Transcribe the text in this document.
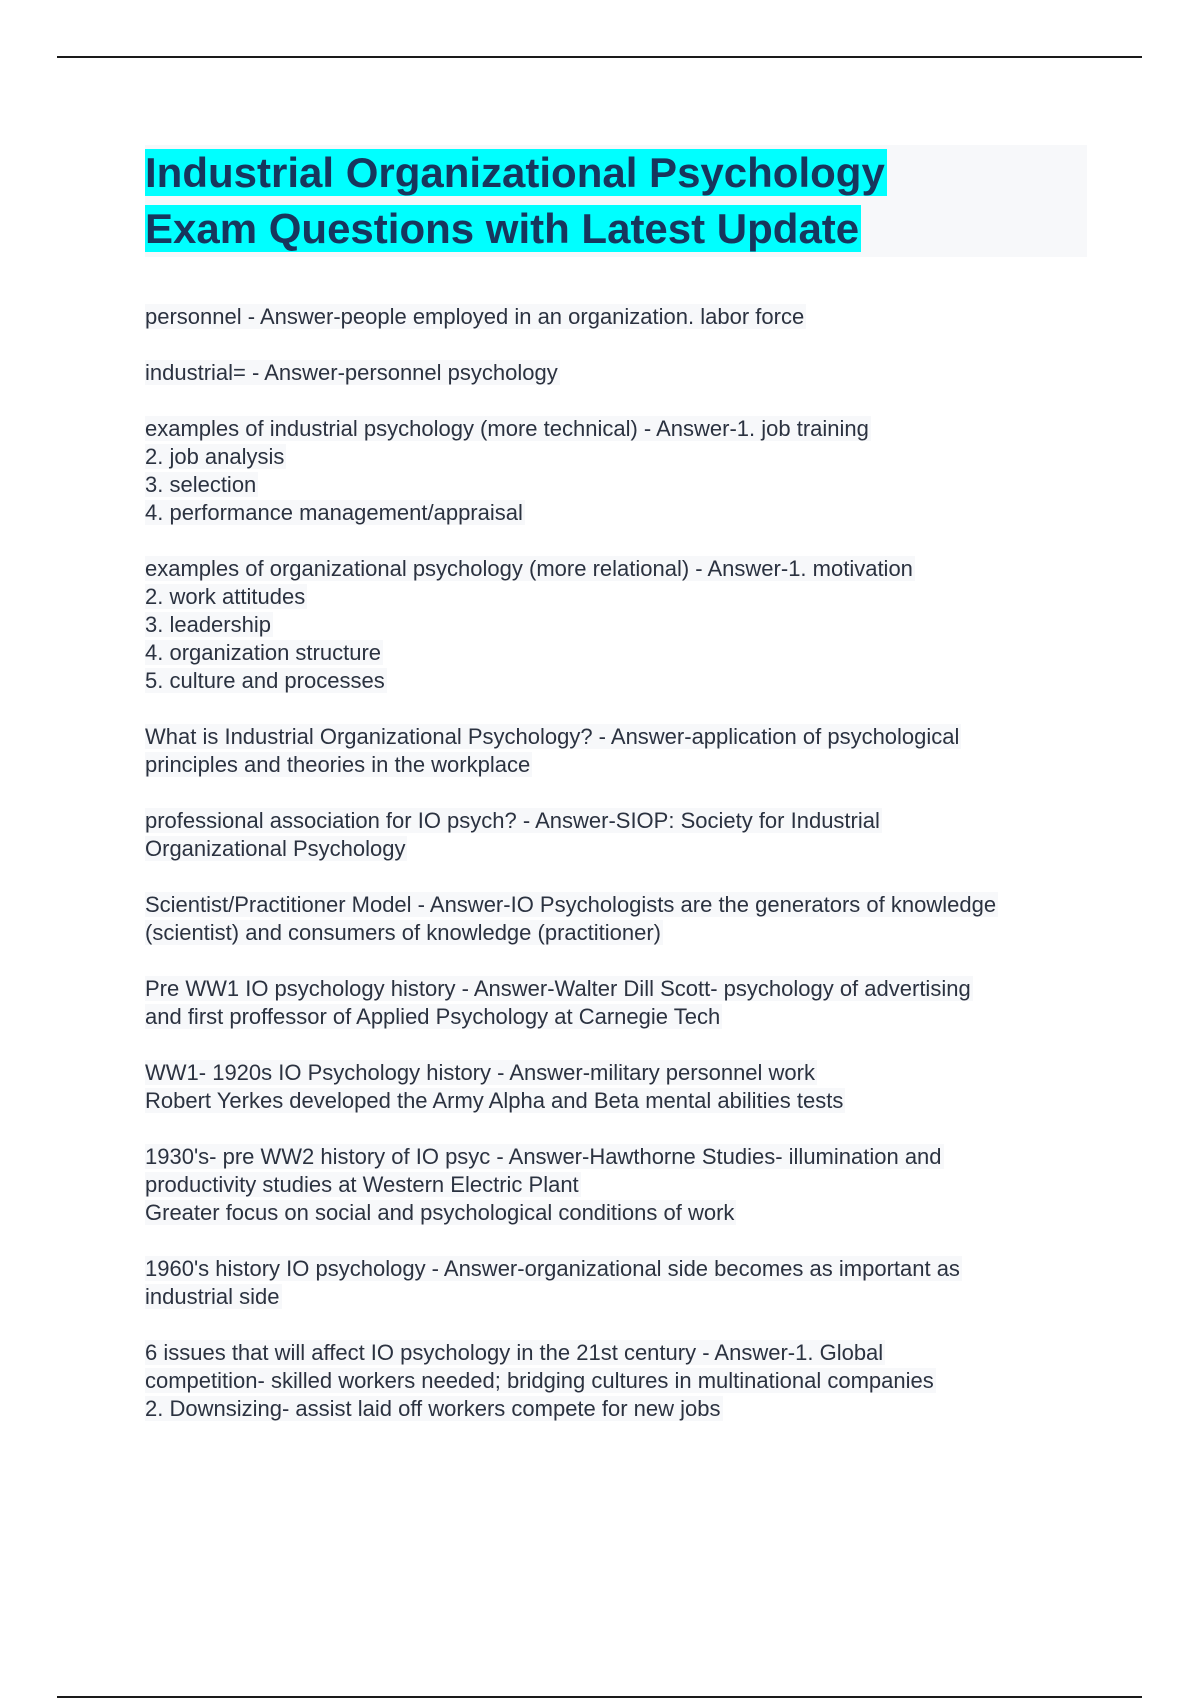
Industrial Organizational Psychology
Exam Questions with Latest Update
personnel - Answer-people employed in an organization. labor force
industrial= - Answer-personnel psychology
examples of industrial psychology (more technical) - Answer-1. job training
2. job analysis
3. selection
4. performance management/appraisal
examples of organizational psychology (more relational) - Answer-1. motivation
2. work attitudes
3. leadership
4. organization structure
5. culture and processes
What is Industrial Organizational Psychology? - Answer-application of psychological
principles and theories in the workplace
professional association for IO psych? - Answer-SIOP: Society for Industrial
Organizational Psychology
Scientist/Practitioner Model - Answer-IO Psychologists are the generators of knowledge
(scientist) and consumers of knowledge (practitioner)
Pre WW1 IO psychology history - Answer-Walter Dill Scott- psychology of advertising
and first proffessor of Applied Psychology at Carnegie Tech
WW1- 1920s IO Psychology history - Answer-military personnel work
Robert Yerkes developed the Army Alpha and Beta mental abilities tests
1930's- pre WW2 history of IO psyc - Answer-Hawthorne Studies- illumination and
productivity studies at Western Electric Plant
Greater focus on social and psychological conditions of work
1960's history IO psychology - Answer-organizational side becomes as important as
industrial side
6 issues that will affect IO psychology in the 21st century - Answer-1. Global
competition- skilled workers needed; bridging cultures in multinational companies
2. Downsizing- assist laid off workers compete for new jobs
